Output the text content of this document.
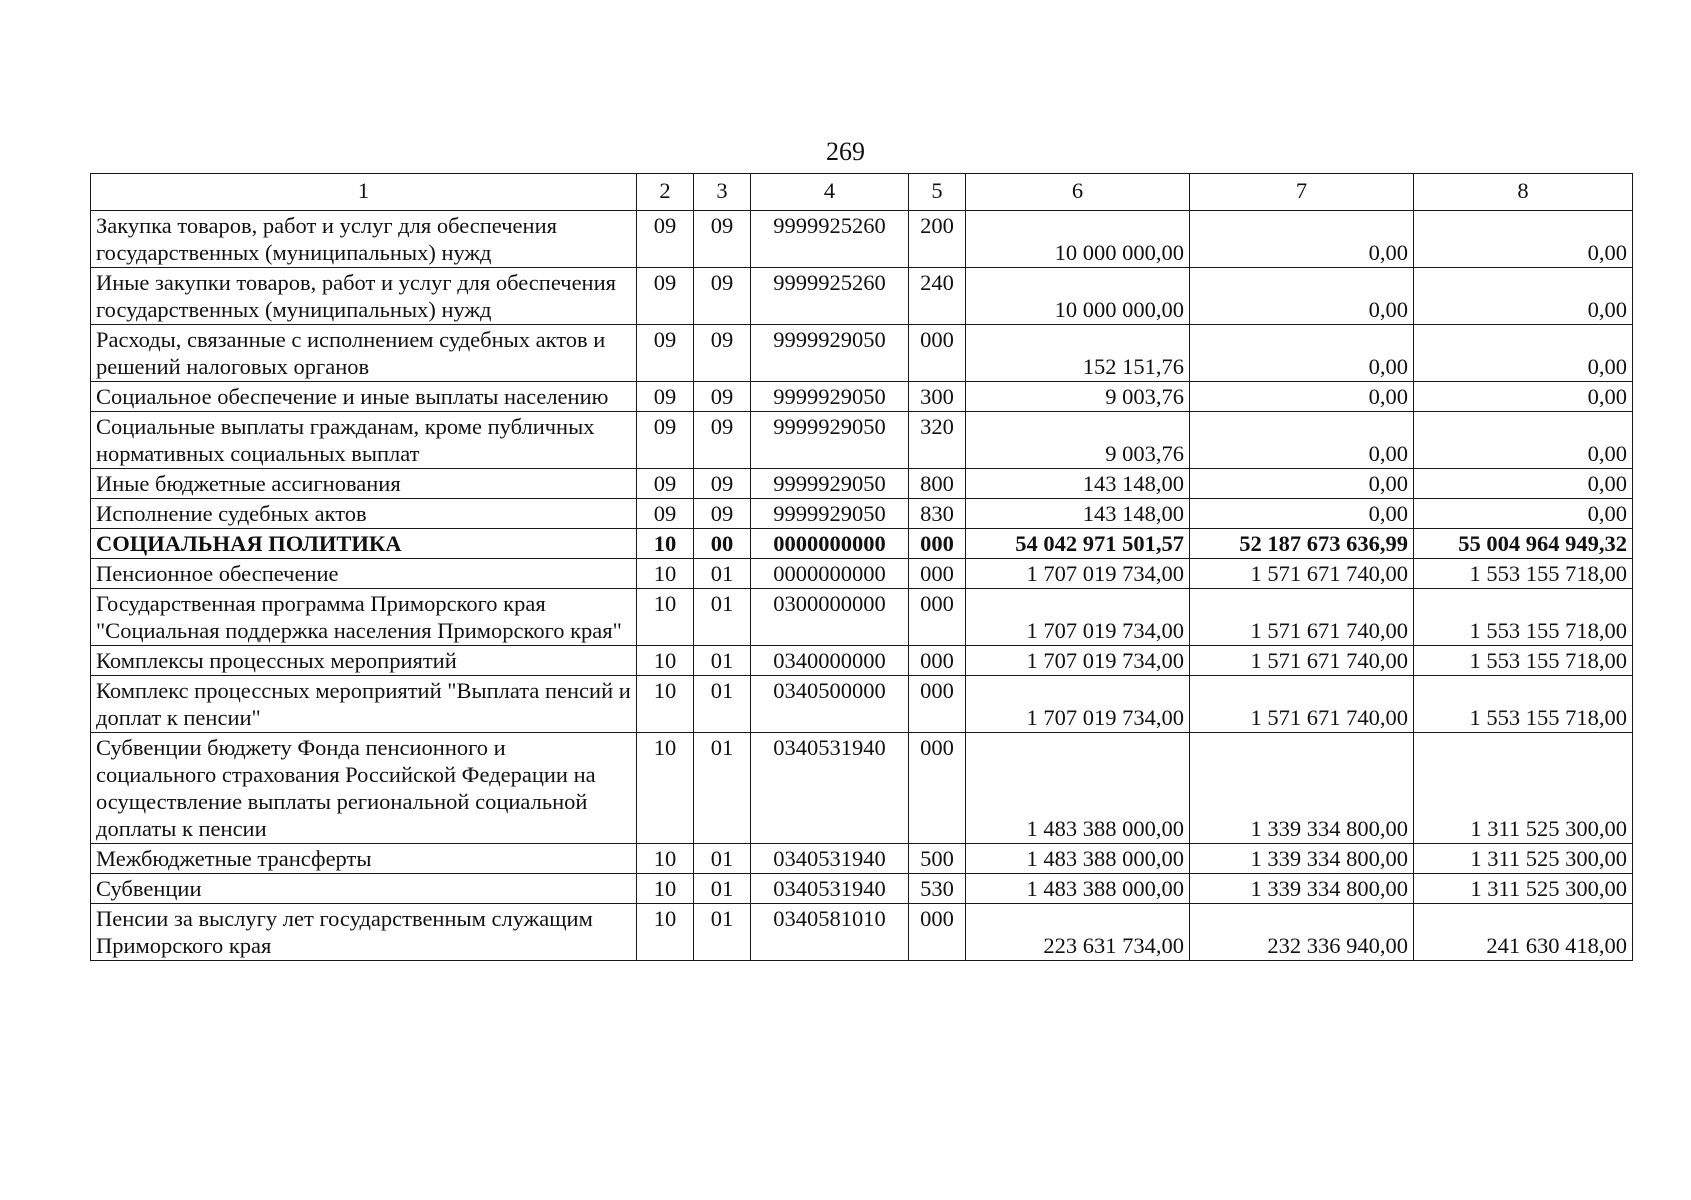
269
1	2	3	4	5	6	7	8
Закупка товаров, работ и услуг для обеспечения государственных (муниципальных) нужд	09	09	9999925260	200	10 000 000,00	0,00	0,00
Иные закупки товаров, работ и услуг для обеспечения государственных (муниципальных) нужд	09	09	9999925260	240	10 000 000,00	0,00	0,00
Расходы, связанные с исполнением судебных актов и решений налоговых органов	09	09	9999929050	000	152 151,76	0,00	0,00
Социальное обеспечение и иные выплаты населению	09	09	9999929050	300	9 003,76	0,00	0,00
Социальные выплаты гражданам, кроме публичных нормативных социальных выплат	09	09	9999929050	320	9 003,76	0,00	0,00
Иные бюджетные ассигнования	09	09	9999929050	800	143 148,00	0,00	0,00
Исполнение судебных актов	09	09	9999929050	830	143 148,00	0,00	0,00
СОЦИАЛЬНАЯ ПОЛИТИКА	10	00	0000000000	000	54 042 971 501,57	52 187 673 636,99	55 004 964 949,32
Пенсионное обеспечение	10	01	0000000000	000	1 707 019 734,00	1 571 671 740,00	1 553 155 718,00
Государственная программа Приморского края "Социальная поддержка населения Приморского края"	10	01	0300000000	000	1 707 019 734,00	1 571 671 740,00	1 553 155 718,00
Комплексы процессных мероприятий	10	01	0340000000	000	1 707 019 734,00	1 571 671 740,00	1 553 155 718,00
Комплекс процессных мероприятий "Выплата пенсий и доплат к пенсии"	10	01	0340500000	000	1 707 019 734,00	1 571 671 740,00	1 553 155 718,00
Субвенции бюджету Фонда пенсионного и социального страхования Российской Федерации на осуществление выплаты региональной социальной доплаты к пенсии	10	01	0340531940	000	1 483 388 000,00	1 339 334 800,00	1 311 525 300,00
Межбюджетные трансферты	10	01	0340531940	500	1 483 388 000,00	1 339 334 800,00	1 311 525 300,00
Субвенции	10	01	0340531940	530	1 483 388 000,00	1 339 334 800,00	1 311 525 300,00
Пенсии за выслугу лет государственным служащим Приморского края	10	01	0340581010	000	223 631 734,00	232 336 940,00	241 630 418,00
